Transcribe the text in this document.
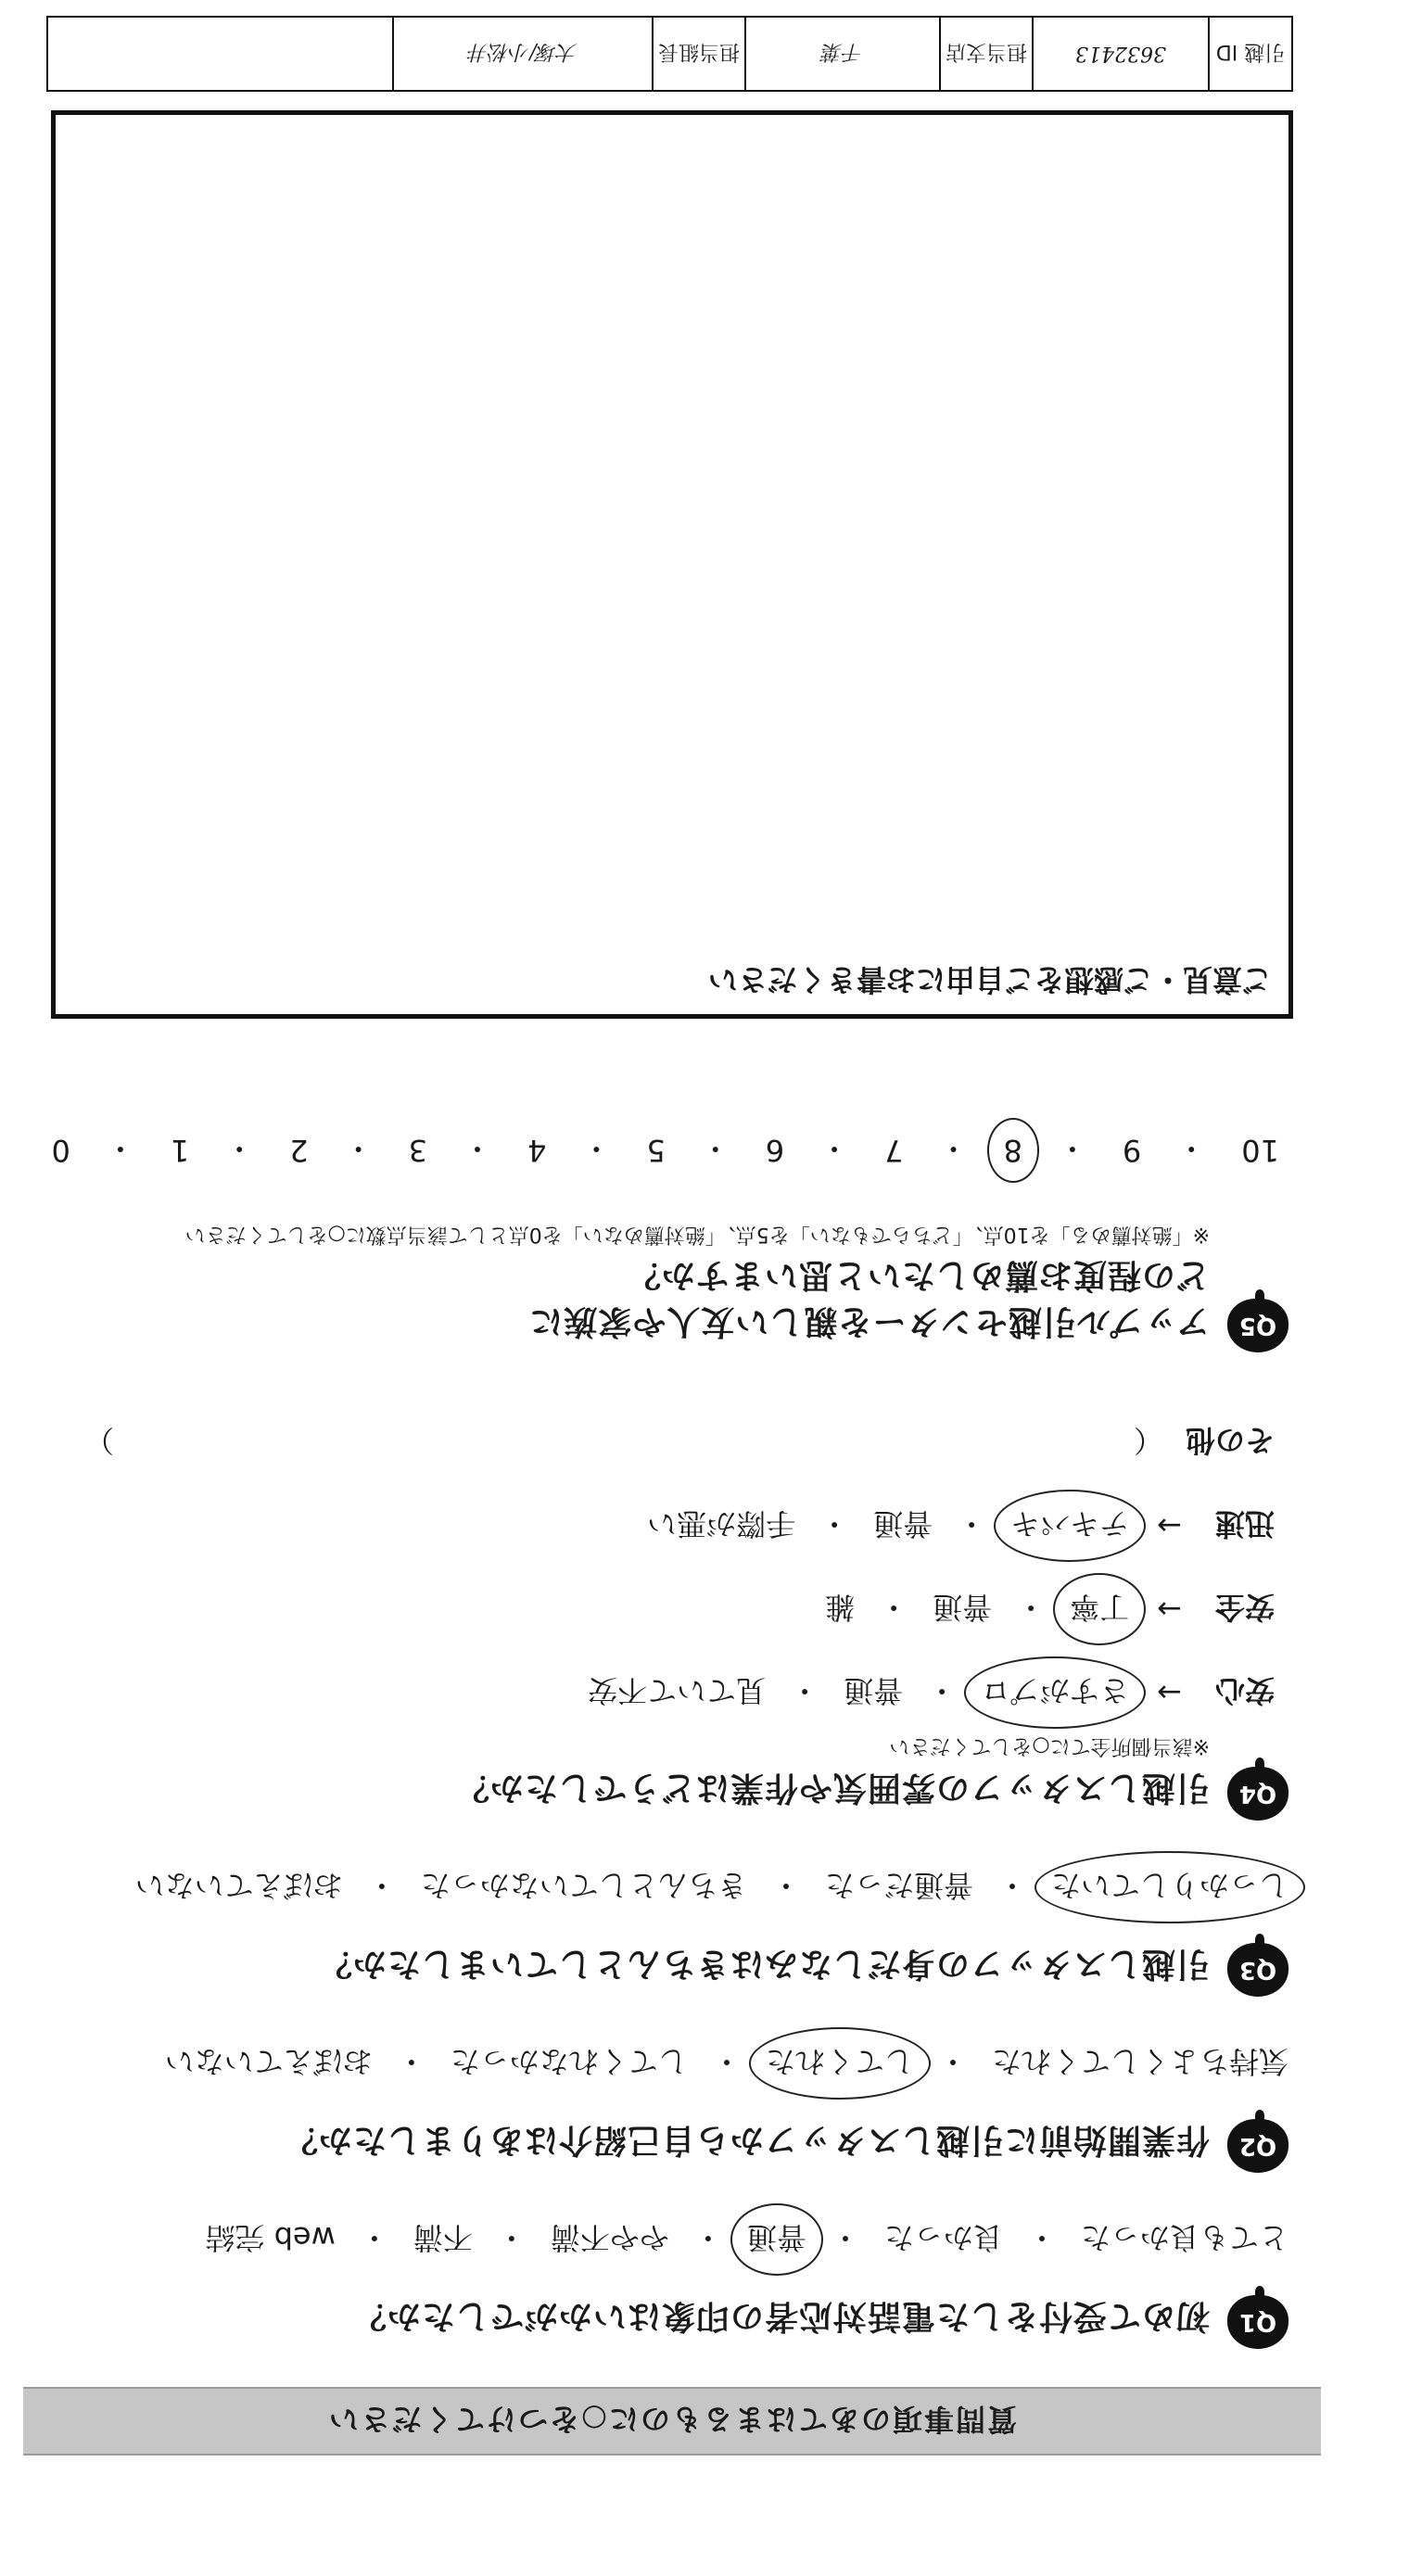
質問事項のあてはまるものに○をつけてください
Q1
初めて受付をした電話対応者の印象はいかがでしたか？
とても良かった
・
良かった
・
普通
・
やや不満
・
不満
・
web 完結
Q2
作業開始前に引越しスタッフから自己紹介はありましたか？
気持ちよくしてくれた
・
してくれた
・
してくれなかった
・
おぼえていない
Q3
引越しスタッフの身だしなみはきちんとしていましたか？
しっかりしていた
・
普通だった
・
きちんとしていなかった
・
おぼえていない
Q4
引越しスタッフの雰囲気や作業はどうでしたか？
※該当個所全てに○をしてください
安心
→
さすがプロ
・
普通
・
見ていて不安
安全
→
丁寧
・
普通
・
雑
迅速
→
テキパキ
・
普通
・
手際が悪い
その他
（
）
Q5
アップル引越センターを親しい友人や家族に
どの程度お薦めしたいと思いますか？
※「絶対薦める」を10点、「どちらでもない」を5点、「絶対薦めない」を0点として該当点数に○をしてください
10
・
9
・
8
・
7
・
6
・
5
・
4
・
3
・
2
・
1
・
0
ご意見・ご感想をご自由にお書きください
引越 ID
3632413
担当支店
千葉
担当組長
大塚/小松井
